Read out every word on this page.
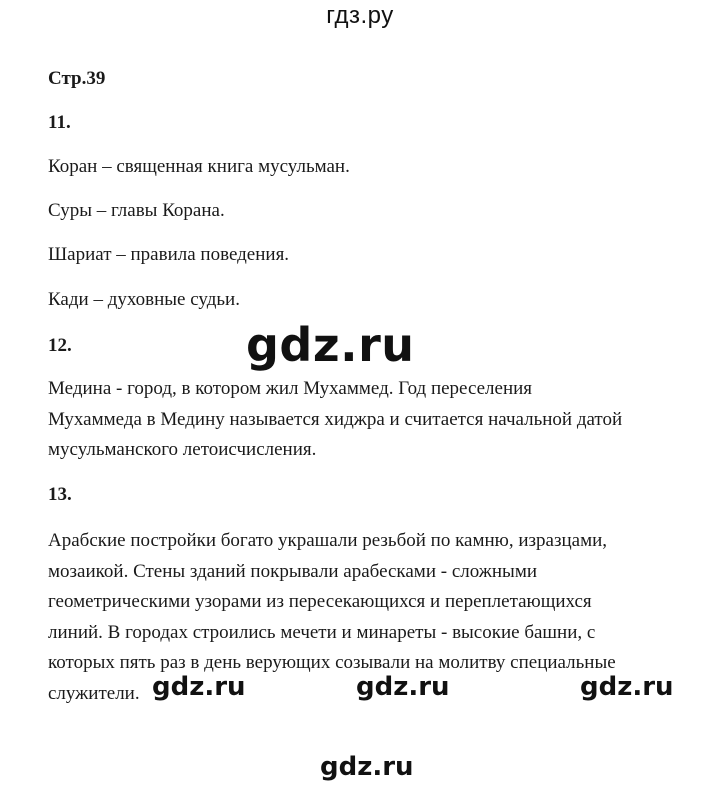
гдз.ру
Стр.39
11.
Коран – священная книга мусульман.
Суры – главы Корана.
Шариат – правила поведения.
Кади – духовные судьи.
12.
Медина - город, в котором жил Мухаммед. Год переселения
Мухаммеда в Медину называется хиджра и считается начальной датой
мусульманского летоисчисления.
13.
Арабские постройки богато украшали резьбой по камню, изразцами,
мозаикой. Стены зданий покрывали арабесками - сложными
геометрическими узорами из пересекающихся и переплетающихся
линий. В городах строились мечети и минареты - высокие башни, с
которых пять раз в день верующих созывали на молитву специальные
служители.
gdz.ru
gdz.ru	gdz.ru	gdz.ru
gdz.ru
